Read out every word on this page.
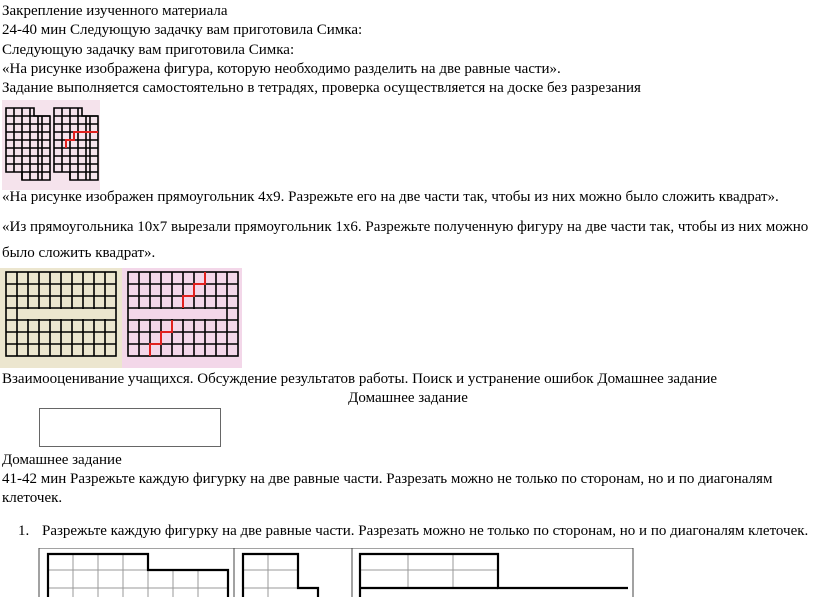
Закрепление изученного материала
24-40 мин Следующую задачку вам приготовила Симка:
Следующую задачку вам приготовила Симка:
«На рисунке изображена фигура, которую необходимо разделить на две равные части».
Задание выполняется самостоятельно в тетрадях, проверка осуществляется на доске без разрезания
«На рисунке изображен прямоугольник 4х9. Разрежьте его на две части так, чтобы из них можно было сложить квадрат».
«Из прямоугольника 10х7 вырезали прямоугольник 1х6. Разрежьте полученную фигуру на две части так, чтобы из них можно
было сложить квадрат».
Взаимооценивание учащихся. Обсуждение результатов работы. Поиск и устранение ошибок Домашнее задание
Домашнее задание
Домашнее задание
41-42 мин Разрежьте каждую фигурку на две равные части. Разрезать можно не только по сторонам, но и по диагоналям
клеточек.
1. Разрежьте каждую фигурку на две равные части. Разрезать можно не только по сторонам, но и по диагоналям клеточек.
